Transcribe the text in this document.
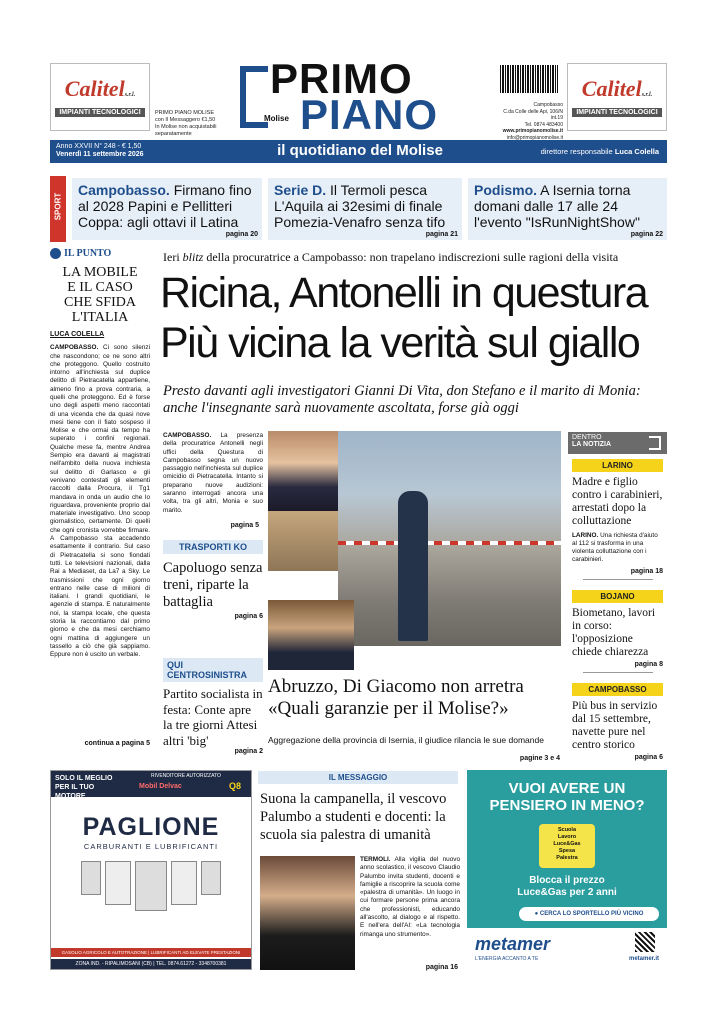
Calitels.r.l.
IMPIANTI TECNOLOGICI	PRIMO PIANO MOLISE
con Il Messaggero €1,50
In Molise non acquistabili
separatamente
PRIMO
PIANO
Molise
Campobasso
C.da Colle delle Api, 106/N int.19
Tel. 0874 483400
www.primopianomolise.it
info@primopianomolise.it
Calitels.r.l.
IMPIANTI TECNOLOGICI
Anno XXVII N° 248 - € 1,50
Venerdì 11 settembre 2026	il quotidiano del Molise	direttore responsabile Luca Colella
SPORT
Campobasso. Firmano fino al 2028 Papini e Pellitteri Coppa: agli ottavi il Latina
pagina 20
Serie D. Il Termoli pesca L'Aquila ai 32esimi di finale Pomezia-Venafro senza tifo
pagina 21
Podismo. A Isernia torna domani dalle 17 alle 24 l'evento "IsRunNightShow"
pagina 22
IL PUNTO
LA MOBILE E IL CASO CHE SFIDA L'ITALIA
LUCA COLELLA
CAMPOBASSO. Ci sono silenzi che nascondono; ce ne sono altri che proteggono. Quello costruito intorno all'inchiesta sul duplice delitto di Pietracatella appartiene, almeno fino a prova contraria, a quelli che proteggono. Ed è forse uno degli aspetti meno raccontati di una vicenda che da quasi nove mesi tiene con il fiato sospeso il Molise e che ormai da tempo ha superato i confini regionali. Qualche mese fa, mentre Andrea Sempio era davanti ai magistrati nell'ambito della nuova inchiesta sul delitto di Garlasco e gli venivano contestati gli elementi raccolti dalla Procura, il Tg1 mandava in onda un audio che lo riguardava, proveniente proprio dal materiale investigativo. Uno scoop giornalistico, certamente. Di quelli che ogni cronista vorrebbe firmare. A Campobasso sta accadendo esattamente il contrario. Sul caso di Pietracatella si sono fiondati tutti. Le televisioni nazionali, dalla Rai a Mediaset, da La7 a Sky. Le trasmissioni che ogni giorno entrano nelle case di milioni di italiani. I grandi quotidiani, le agenzie di stampa. E naturalmente noi, la stampa locale, che questa storia la raccontiamo dal primo giorno e che da mesi cerchiamo ogni mattina di aggiungere un tassello a ciò che già sappiamo. Eppure non è uscito un verbale.
continua a pagina 5
Ieri blitz della procuratrice a Campobasso: non trapelano indiscrezioni sulle ragioni della visita
Ricina, Antonelli in questura
Più vicina la verità sul giallo
Presto davanti agli investigatori Gianni Di Vita, don Stefano e il marito di Monia: anche l'insegnante sarà nuovamente ascoltata, forse già oggi
CAMPOBASSO. La presenza della procuratrice Antonelli negli uffici della Questura di Campobasso segna un nuovo passaggio nell'inchiesta sul duplice omicidio di Pietracatella. Intanto si preparano nuove audizioni: saranno interrogati ancora una volta, tra gli altri, Monia e suo marito.
pagina 5
TRASPORTI KO
Capoluogo senza treni, riparte la battaglia
pagina 6
QUI CENTROSINISTRA
Partito socialista in festa: Conte apre la tre giorni Attesi altri 'big'
pagina 2
Abruzzo, Di Giacomo non arretra
«Quali garanzie per il Molise?»
Aggregazione della provincia di Isernia, il giudice rilancia le sue domande
pagine 3 e 4
DENTRO
LA NOTIZIA
LARINO
Madre e figlio contro i carabinieri, arrestati dopo la colluttazione
LARINO. Una richiesta d'aiuto al 112 si trasforma in una violenta colluttazione con i carabinieri.
pagina 18
BOJANO
Biometano, lavori in corso: l'opposizione chiede chiarezza
pagina 8
CAMPOBASSO
Più bus in servizio dal 15 settembre, navette pure nel centro storico
pagina 6
SOLO IL MEGLIO PER IL TUO MOTORE
RIVENDITORE AUTORIZZATO
Mobil Delvac	Q8
PAGLIONE
CARBURANTI E LUBRIFICANTI
GASOLIO AGRICOLO E AUTOTRAZIONE | LUBRIFICANTI AD ELEVATE PRESTAZIONI
ZONA IND. - RIPALIMOSANI (CB) | TEL. 0874.61272 - 3348700381
IL MESSAGGIO
Suona la campanella, il vescovo Palumbo a studenti e docenti: la scuola sia palestra di umanità
TERMOLI. Alla vigilia del nuovo anno scolastico, il vescovo Claudio Palumbo invita studenti, docenti e famiglie a riscoprire la scuola come «palestra di umanità». Un luogo in cui formare persone prima ancora che professionisti, educando all'ascolto, al dialogo e al rispetto. E nell'era dell'AI: «La tecnologia rimanga uno strumento».
pagina 16
VUOI AVERE UN PENSIERO IN MENO?
Scuola
Lavoro
Luce&Gas
Spesa
Palestra
Blocca il prezzo
Luce&Gas per 2 anni
● CERCA LO SPORTELLO PIÙ VICINO
metamer
L'ENERGIA ACCANTO A TE	metamer.it
